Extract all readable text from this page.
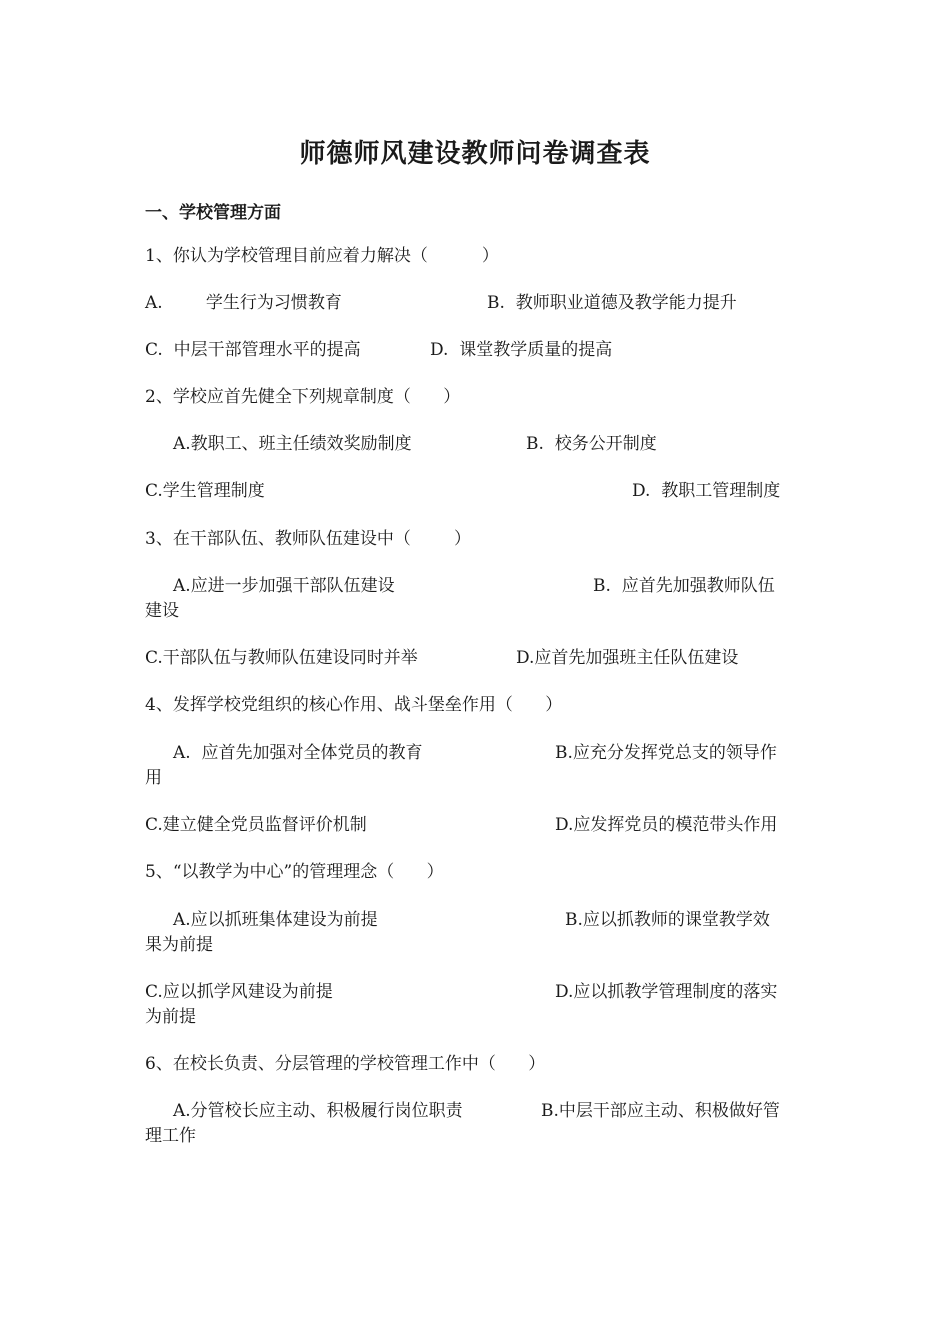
师德师风建设教师问卷调查表
一、学校管理方面
1、你认为学校管理目前应着力解决（          ）
A.        学生行为习惯教育	B.  教师职业道德及教学能力提升
C.  中层干部管理水平的提高	D.  课堂教学质量的提高
2、学校应首先健全下列规章制度（      ）
A.教职工、班主任绩效奖励制度	B.  校务公开制度
C.学生管理制度	D.  教职工管理制度
3、在干部队伍、教师队伍建设中（        ）
A.应进一步加强干部队伍建设	B.  应首先加强教师队伍
建设
C.干部队伍与教师队伍建设同时并举	D.应首先加强班主任队伍建设
4、发挥学校党组织的核心作用、战斗堡垒作用（      ）
A.  应首先加强对全体党员的教育	B.应充分发挥党总支的领导作
用
C.建立健全党员监督评价机制	D.应发挥党员的模范带头作用
5、“以教学为中心”的管理理念（      ）
A.应以抓班集体建设为前提	B.应以抓教师的课堂教学效
果为前提
C.应以抓学风建设为前提	D.应以抓教学管理制度的落实
为前提
6、在校长负责、分层管理的学校管理工作中（      ）
A.分管校长应主动、积极履行岗位职责	B.中层干部应主动、积极做好管
理工作
